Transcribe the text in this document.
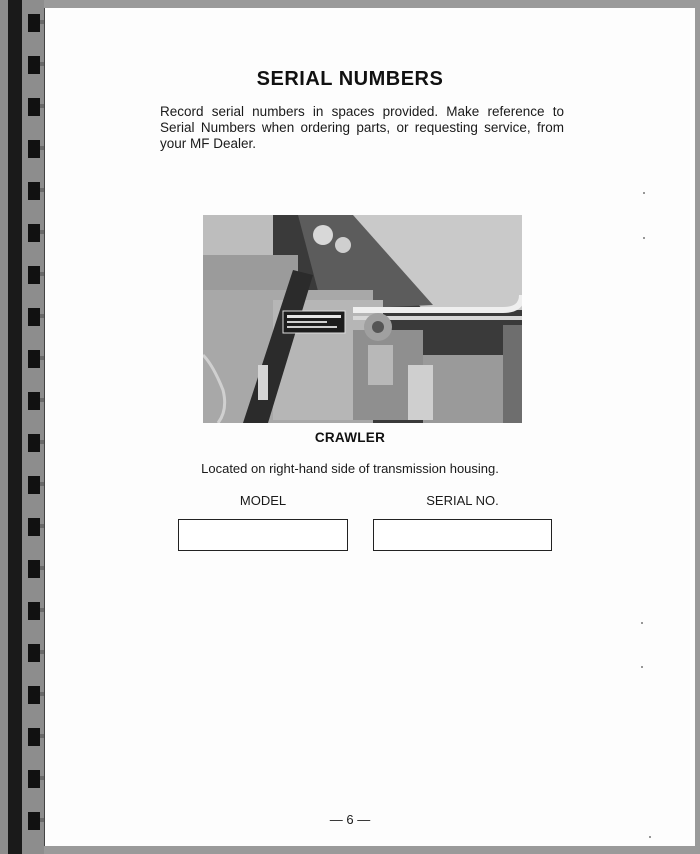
SERIAL NUMBERS
Record serial numbers in spaces provided. Make reference to Serial Numbers when ordering parts, or requesting service, from your MF Dealer.
CRAWLER
Located on right-hand side of transmission housing.
MODEL	SERIAL NO.
— 6 —
